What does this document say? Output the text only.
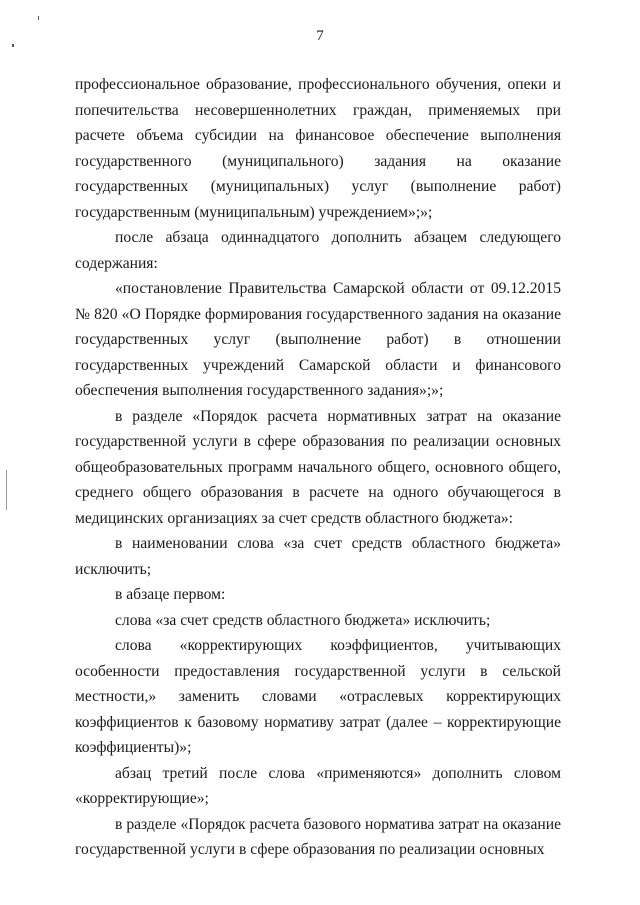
7

профессиональное образование, профессионального обучения, опеки и попечительства несовершеннолетних граждан, применяемых при расчете объема субсидии на финансовое обеспечение выполнения государственного (муниципального) задания на оказание государственных (муниципальных) услуг (выполнение работ) государственным (муниципальным) учреждением»;»;

после абзаца одиннадцатого дополнить абзацем следующего содержания:

«постановление Правительства Самарской области от 09.12.2015 № 820 «О Порядке формирования государственного задания на оказание государственных услуг (выполнение работ) в отношении государственных учреждений Самарской области и финансового обеспечения выполнения государственного задания»;»;

в разделе «Порядок расчета нормативных затрат на оказание государственной услуги в сфере образования по реализации основных общеобразовательных программ начального общего, основного общего, среднего общего образования в расчете на одного обучающегося в медицинских организациях за счет средств областного бюджета»:

в наименовании слова «за счет средств областного бюджета» исключить;

в абзаце первом:

слова «за счет средств областного бюджета» исключить;

слова «корректирующих коэффициентов, учитывающих особенности предоставления государственной услуги в сельской местности,» заменить словами «отраслевых корректирующих коэффициентов к базовому нормативу затрат (далее – корректирующие коэффициенты)»;

абзац третий после слова «применяются» дополнить словом «корректирующие»;

в разделе «Порядок расчета базового норматива затрат на оказание государственной услуги в сфере образования по реализации основных
